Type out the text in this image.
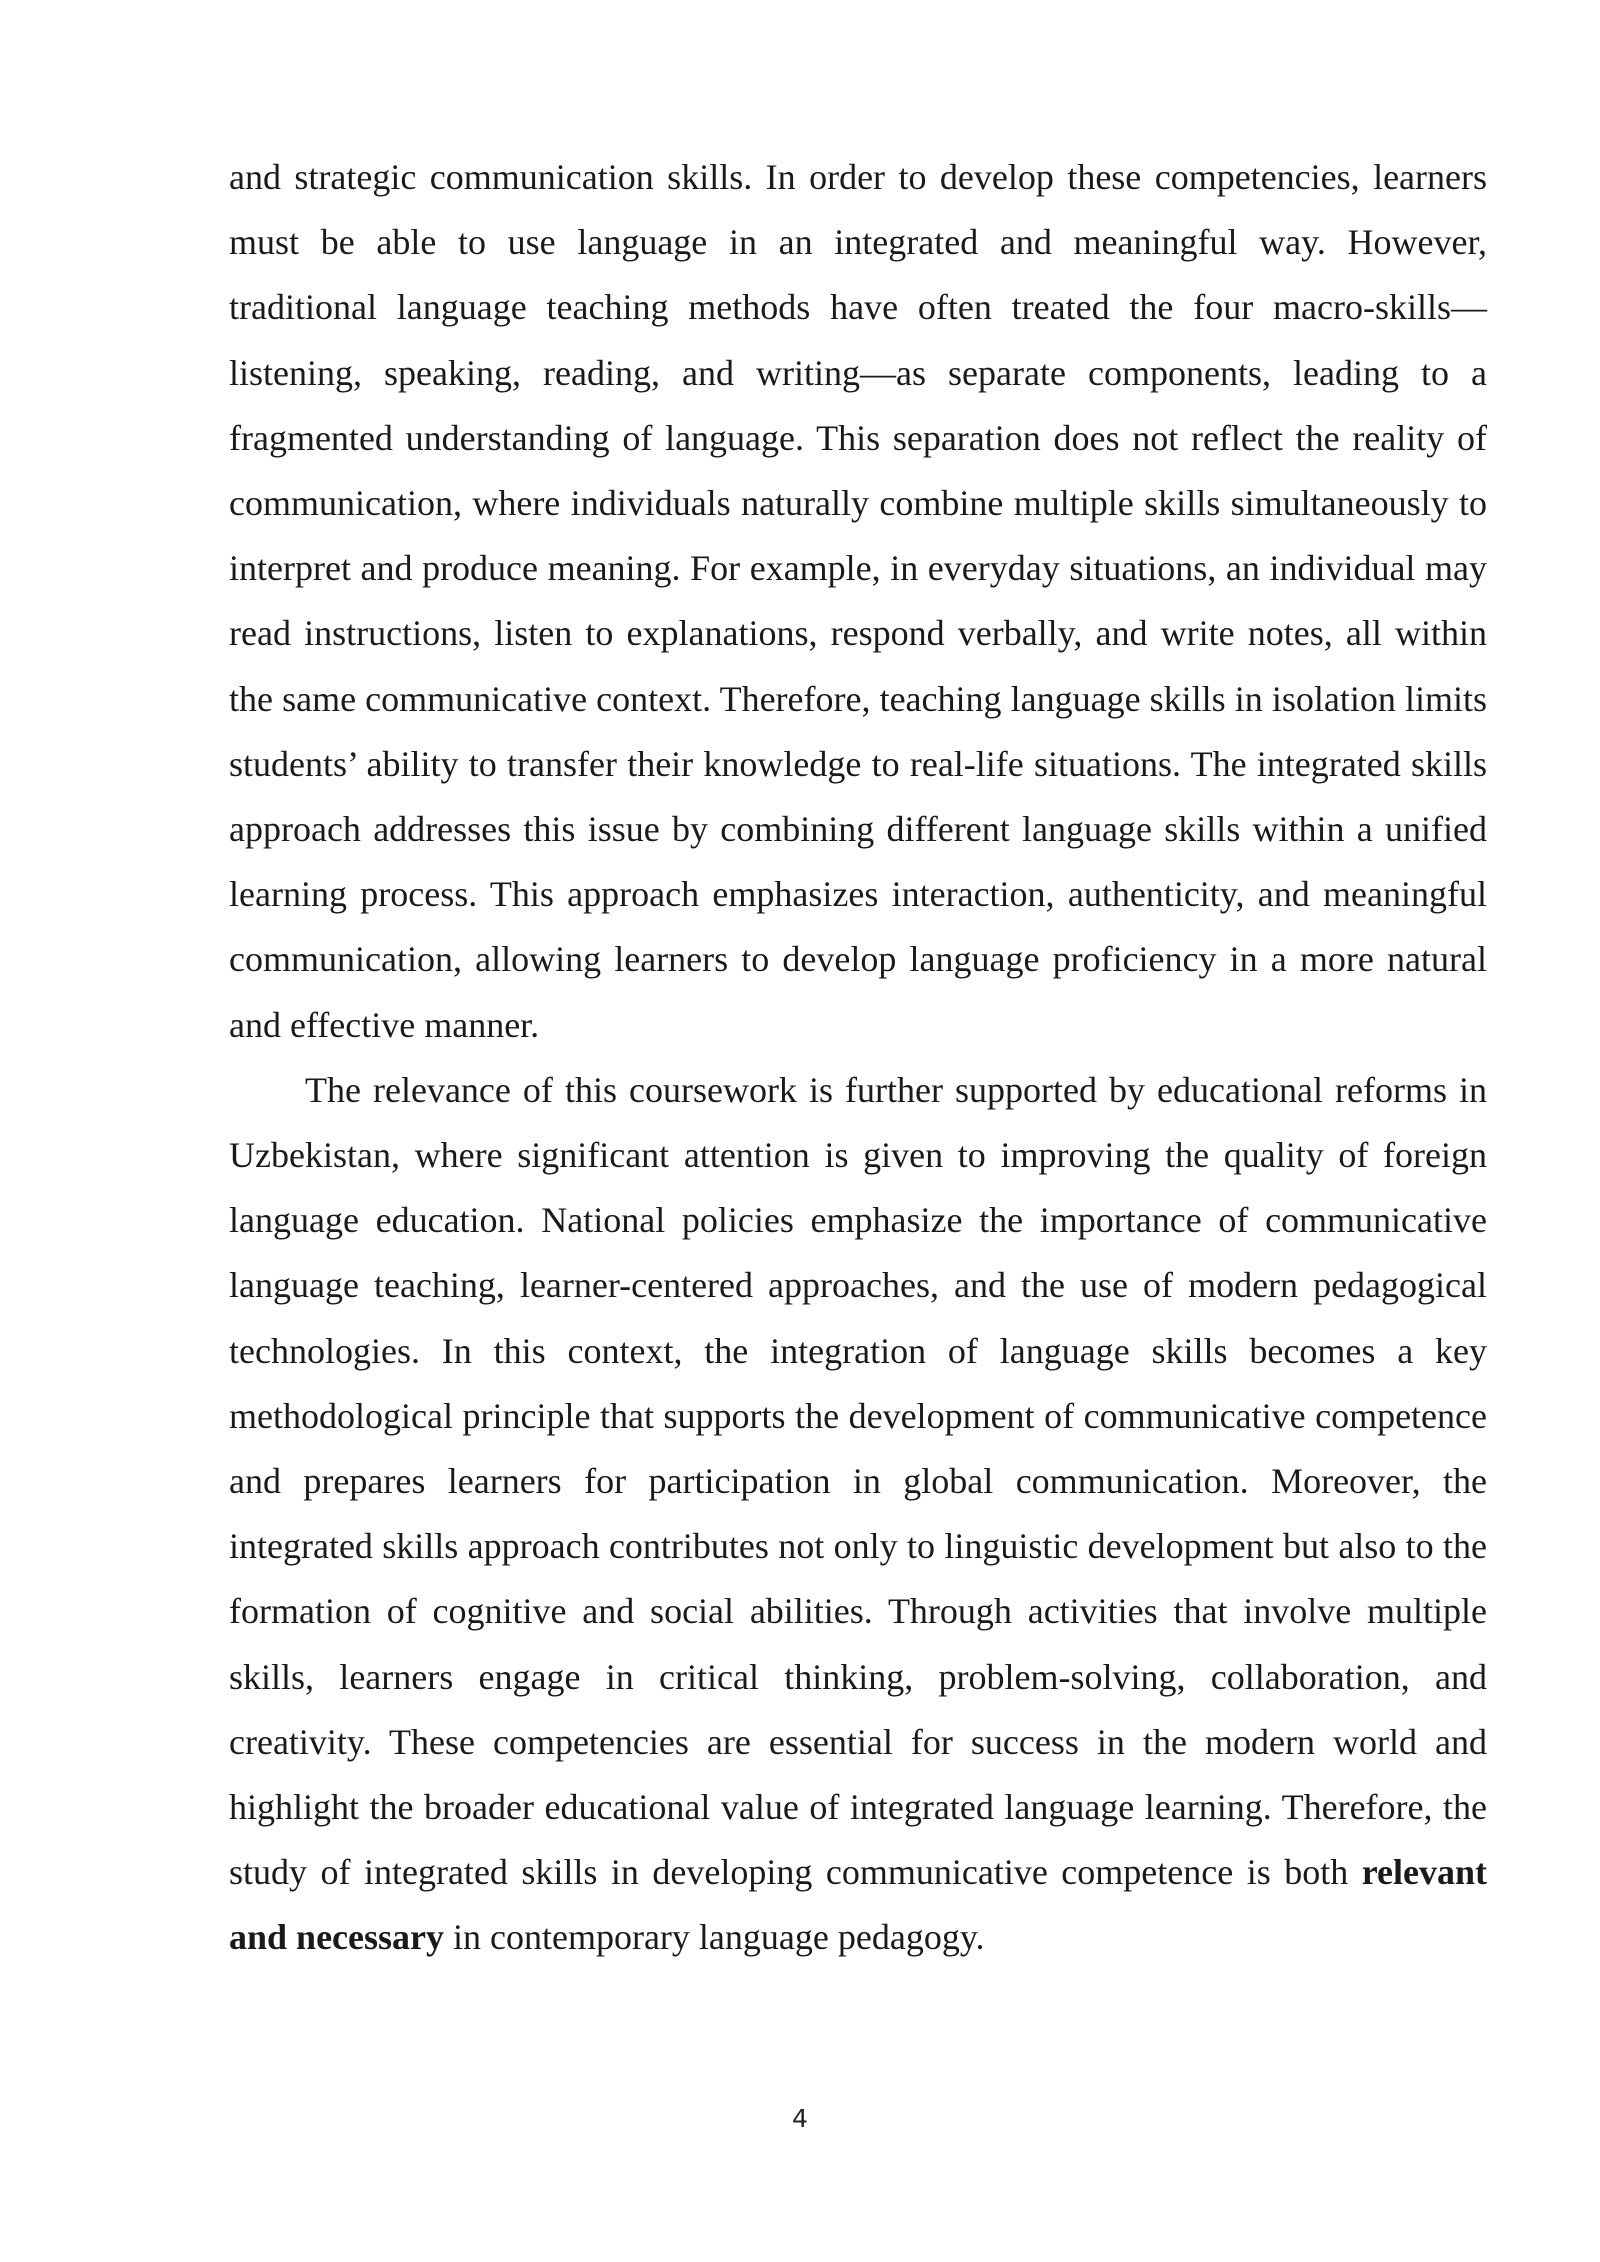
and strategic communication skills. In order to develop these competencies, learners must be able to use language in an integrated and meaningful way. However, traditional language teaching methods have often treated the four macro-skills—listening, speaking, reading, and writing—as separate components, leading to a fragmented understanding of language. This separation does not reflect the reality of communication, where individuals naturally combine multiple skills simultaneously to interpret and produce meaning. For example, in everyday situations, an individual may read instructions, listen to explanations, respond verbally, and write notes, all within the same communicative context. Therefore, teaching language skills in isolation limits students’ ability to transfer their knowledge to real-life situations. The integrated skills approach addresses this issue by combining different language skills within a unified learning process. This approach emphasizes interaction, authenticity, and meaningful communication, allowing learners to develop language proficiency in a more natural and effective manner.

The relevance of this coursework is further supported by educational reforms in Uzbekistan, where significant attention is given to improving the quality of foreign language education. National policies emphasize the importance of communicative language teaching, learner-centered approaches, and the use of modern pedagogical technologies. In this context, the integration of language skills becomes a key methodological principle that supports the development of communicative competence and prepares learners for participation in global communication. Moreover, the integrated skills approach contributes not only to linguistic development but also to the formation of cognitive and social abilities. Through activities that involve multiple skills, learners engage in critical thinking, problem-solving, collaboration, and creativity. These competencies are essential for success in the modern world and highlight the broader educational value of integrated language learning. Therefore, the study of integrated skills in developing communicative competence is both relevant and necessary in contemporary language pedagogy.

4
